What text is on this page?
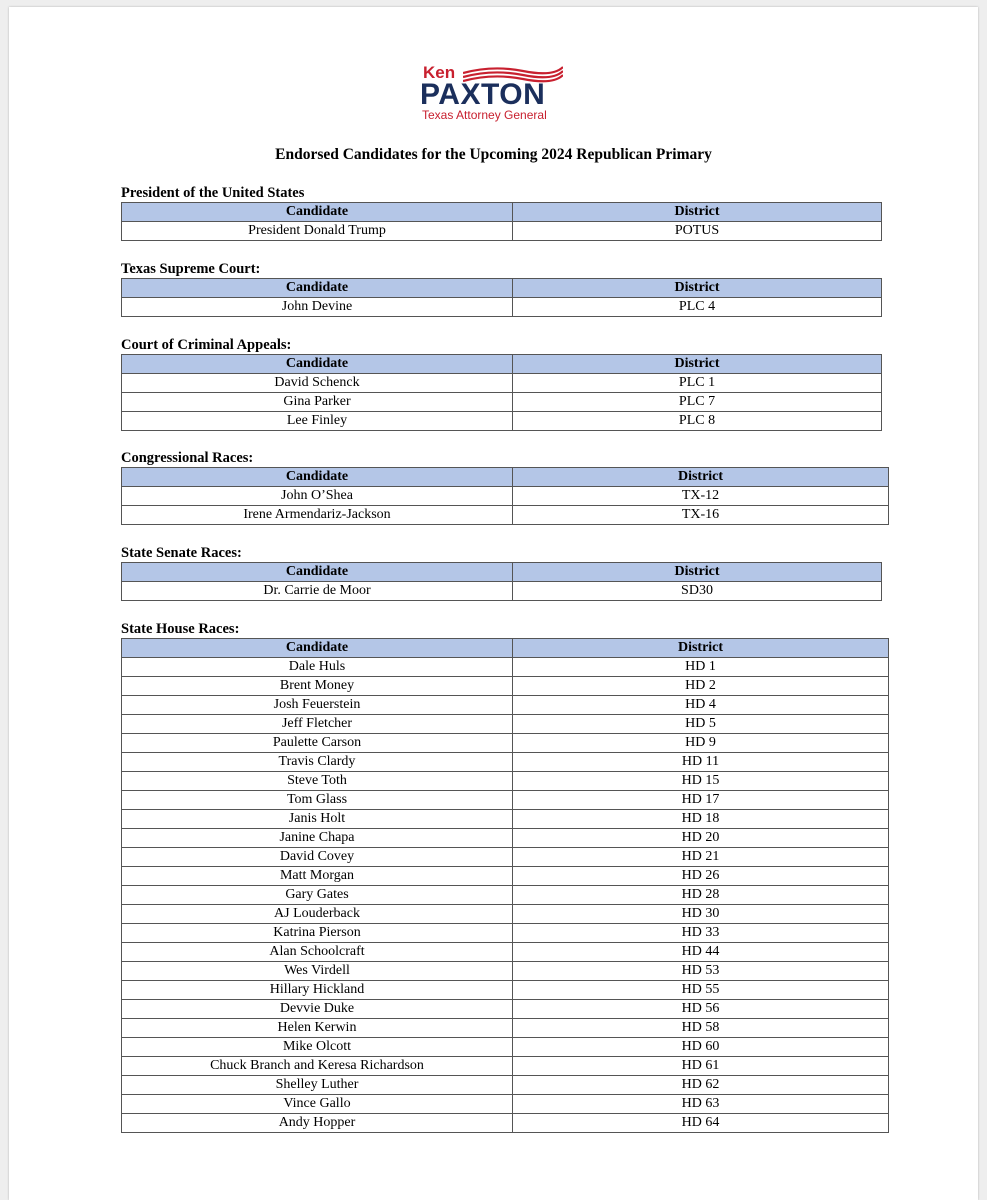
Ken
PAXTON
Texas Attorney General
Endorsed Candidates for the Upcoming 2024 Republican Primary

President of the United States

Candidate	District
President Donald Trump	POTUS

Texas Supreme Court:

Candidate	District
John Devine	PLC 4

Court of Criminal Appeals:

Candidate	District
David Schenck	PLC 1
Gina Parker	PLC 7
Lee Finley	PLC 8

Congressional Races:

Candidate	District
John O’Shea	TX-12
Irene Armendariz-Jackson	TX-16

State Senate Races:

Candidate	District
Dr. Carrie de Moor	SD30

State House Races:

Candidate	District
Dale Huls	HD 1
Brent Money	HD 2
Josh Feuerstein	HD 4
Jeff Fletcher	HD 5
Paulette Carson	HD 9
Travis Clardy	HD 11
Steve Toth	HD 15
Tom Glass	HD 17
Janis Holt	HD 18
Janine Chapa	HD 20
David Covey	HD 21
Matt Morgan	HD 26
Gary Gates	HD 28
AJ Louderback	HD 30
Katrina Pierson	HD 33
Alan Schoolcraft	HD 44
Wes Virdell	HD 53
Hillary Hickland	HD 55
Devvie Duke	HD 56
Helen Kerwin	HD 58
Mike Olcott	HD 60
Chuck Branch and Keresa Richardson	HD 61
Shelley Luther	HD 62
Vince Gallo	HD 63
Andy Hopper	HD 64
